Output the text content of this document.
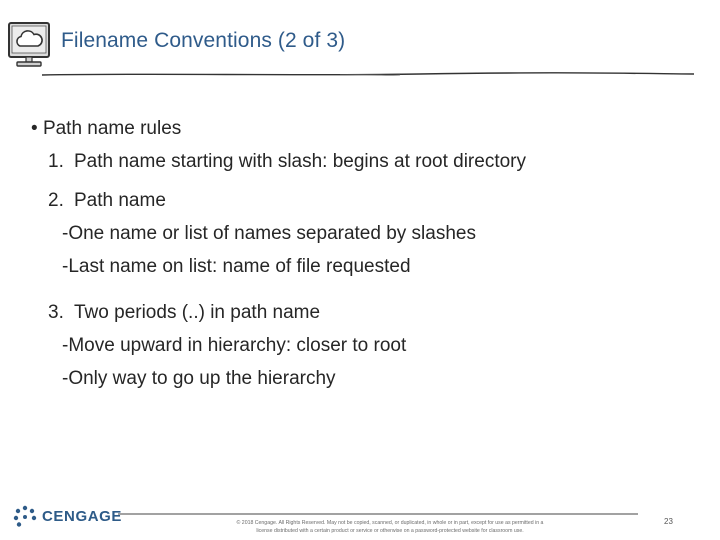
Filename Conventions (2 of 3)
• Path name rules
1. Path name starting with slash: begins at root directory
2. Path name
-One name or list of names separated by slashes
-Last name on list: name of file requested
3. Two periods (..) in path name
-Move upward in hierarchy: closer to root
-Only way to go up the hierarchy
CENGAGE	© 2018 Cengage. All Rights Reserved. May not be copied, scanned, or duplicated, in whole or in part, except for use as permitted in a
license distributed with a certain product or service or otherwise on a password-protected website for classroom use.
23
